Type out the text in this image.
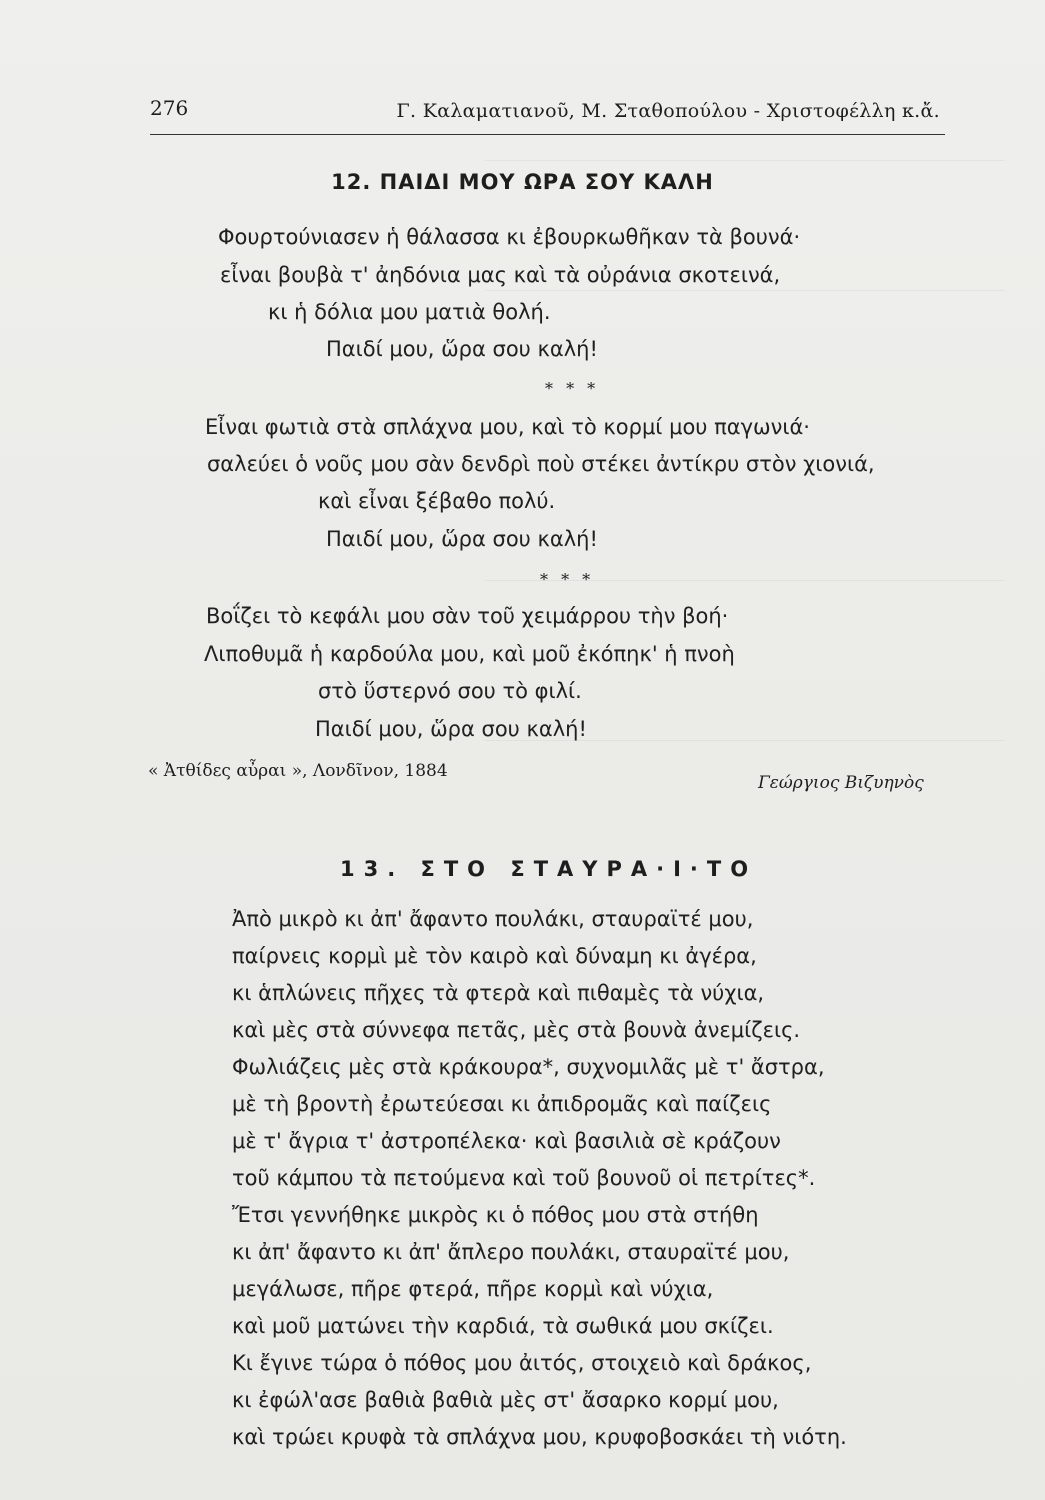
276	Γ. Καλαματιανοῦ, Μ. Σταθοπούλου - Χριστοφέλλη κ.ἄ.
12. ΠΑΙΔΙ ΜΟΥ ΩΡΑ ΣΟΥ ΚΑΛΗ
Φουρτούνιασεν ἡ θάλασσα κι ἐβουρκωθῆκαν τὰ βουνά·
εἶναι βουβὰ τ' ἀηδόνια μας καὶ τὰ οὐράνια σκοτεινά,
κι ἡ δόλια μου ματιὰ θολή.
Παιδί μου, ὥρα σου καλή!
* * *
Εἶναι φωτιὰ στὰ σπλάχνα μου, καὶ τὸ κορμί μου παγωνιά·
σαλεύει ὁ νοῦς μου σὰν δενδρὶ ποὺ στέκει ἀντίκρυ στὸν χιονιά,
καὶ εἶναι ξέβαθο πολύ.
Παιδί μου, ὥρα σου καλή!
* * *
Βοΐζει τὸ κεφάλι μου σὰν τοῦ χειμάρρου τὴν βοή·
Λιποθυμᾶ ἡ καρδούλα μου, καὶ μοῦ ἐκόπηκ' ἡ πνοὴ
στὸ ὕστερνό σου τὸ φιλί.
Παιδί μου, ὥρα σου καλή!
« Ἀτθίδες αὖραι », Λονδῖνον, 1884
Γεώργιος Βιζυηνὸς
13. ΣΤΟ ΣΤΑΥΡΑ·Ι·ΤΟ
Ἀπὸ μικρὸ κι ἀπ' ἄφαντο πουλάκι, σταυραϊτέ μου,
παίρνεις κορμὶ μὲ τὸν καιρὸ καὶ δύναμη κι ἀγέρα,
κι ἁπλώνεις πῆχες τὰ φτερὰ καὶ πιθαμὲς τὰ νύχια,
καὶ μὲς στὰ σύννεφα πετᾶς, μὲς στὰ βουνὰ ἀνεμίζεις.
Φωλιάζεις μὲς στὰ κράκουρα*, συχνομιλᾶς μὲ τ' ἄστρα,
μὲ τὴ βροντὴ ἐρωτεύεσαι κι ἀπιδρομᾶς καὶ παίζεις
μὲ τ' ἄγρια τ' ἀστροπέλεκα· καὶ βασιλιὰ σὲ κράζουν
τοῦ κάμπου τὰ πετούμενα καὶ τοῦ βουνοῦ οἱ πετρίτες*.
Ἔτσι γεννήθηκε μικρὸς κι ὁ πόθος μου στὰ στήθη
κι ἀπ' ἄφαντο κι ἀπ' ἄπλερο πουλάκι, σταυραϊτέ μου,
μεγάλωσε, πῆρε φτερά, πῆρε κορμὶ καὶ νύχια,
καὶ μοῦ ματώνει τὴν καρδιά, τὰ σωθικά μου σκίζει.
Κι ἔγινε τώρα ὁ πόθος μου ἀιτός, στοιχειὸ καὶ δράκος,
κι ἐφώλ'ασε βαθιὰ βαθιὰ μὲς στ' ἄσαρκο κορμί μου,
καὶ τρώει κρυφὰ τὰ σπλάχνα μου, κρυφοβοσκάει τὴ νιότη.
